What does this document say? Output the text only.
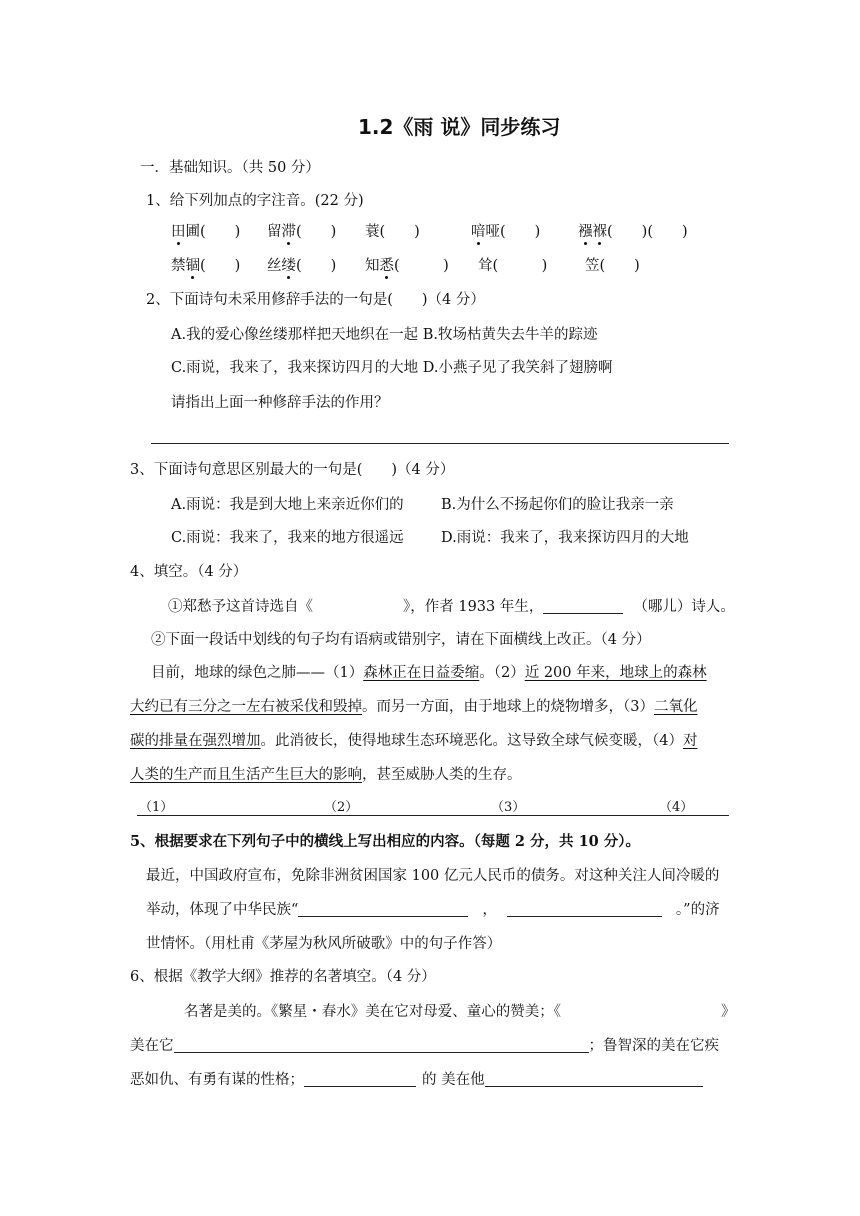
1.2《雨 说》同步练习
一．基础知识。（共 50 分）
1、给下列加点的字注音。(22 分)
田圃(　　) 留滞(　　) 蓑(　　)	喑哑(　　)	襁褓(　　)(　　)
禁锢(　　) 丝缕(　　) 知悉(　　　) 耸(　　　)	笠(　　)
2、下面诗句未采用修辞手法的一句是(　　)（4 分）
A.我的爱心像丝缕那样把天地织在一起 B.牧场枯黄失去牛羊的踪迹
C.雨说，我来了，我来探访四月的大地 D.小燕子见了我笑斜了翅膀啊
请指出上面一种修辞手法的作用？
3、下面诗句意思区别最大的一句是(　　)（4 分）
A.雨说：我是到大地上来亲近你们的	B.为什么不扬起你们的脸让我亲一亲
C.雨说：我来了，我来的地方很遥远	D.雨说：我来了，我来探访四月的大地
4、填空。（4 分）
①郑愁予这首诗选自《	》，作者 1933 年生，	（哪儿）诗人。
②下面一段话中划线的句子均有语病或错别字，请在下面横线上改正。（4 分）
目前，地球的绿色之肺——（1）森林正在日益委缩。（2）近 200 年来，地球上的森林
大约已有三分之一左右被采伐和毁掉。而另一方面，由于地球上的烧物增多，（3）二氧化
碳的排量在强烈增加。此消彼长，使得地球生态环境恶化。这导致全球气候变暖，（4）对
人类的生产而且生活产生巨大的影响，甚至威胁人类的生存。
（1）	（2）	（3）	（4）
5、根据要求在下列句子中的横线上写出相应的内容。（每题 2 分，共 10 分）。
最近，中国政府宣布，免除非洲贫困国家 100 亿元人民币的债务。对这种关注人间冷暖的
举动，体现了中华民族“	，	。”的济
世情怀。（用杜甫《茅屋为秋风所破歌》中的句子作答）
6、根据《教学大纲》推荐的名著填空。（4 分）
名著是美的。《繁星・春水》美在它对母爱、童心的赞美；《	》
美在它	；鲁智深的美在它疾
恶如仇、有勇有谋的性格；	的 美在他
